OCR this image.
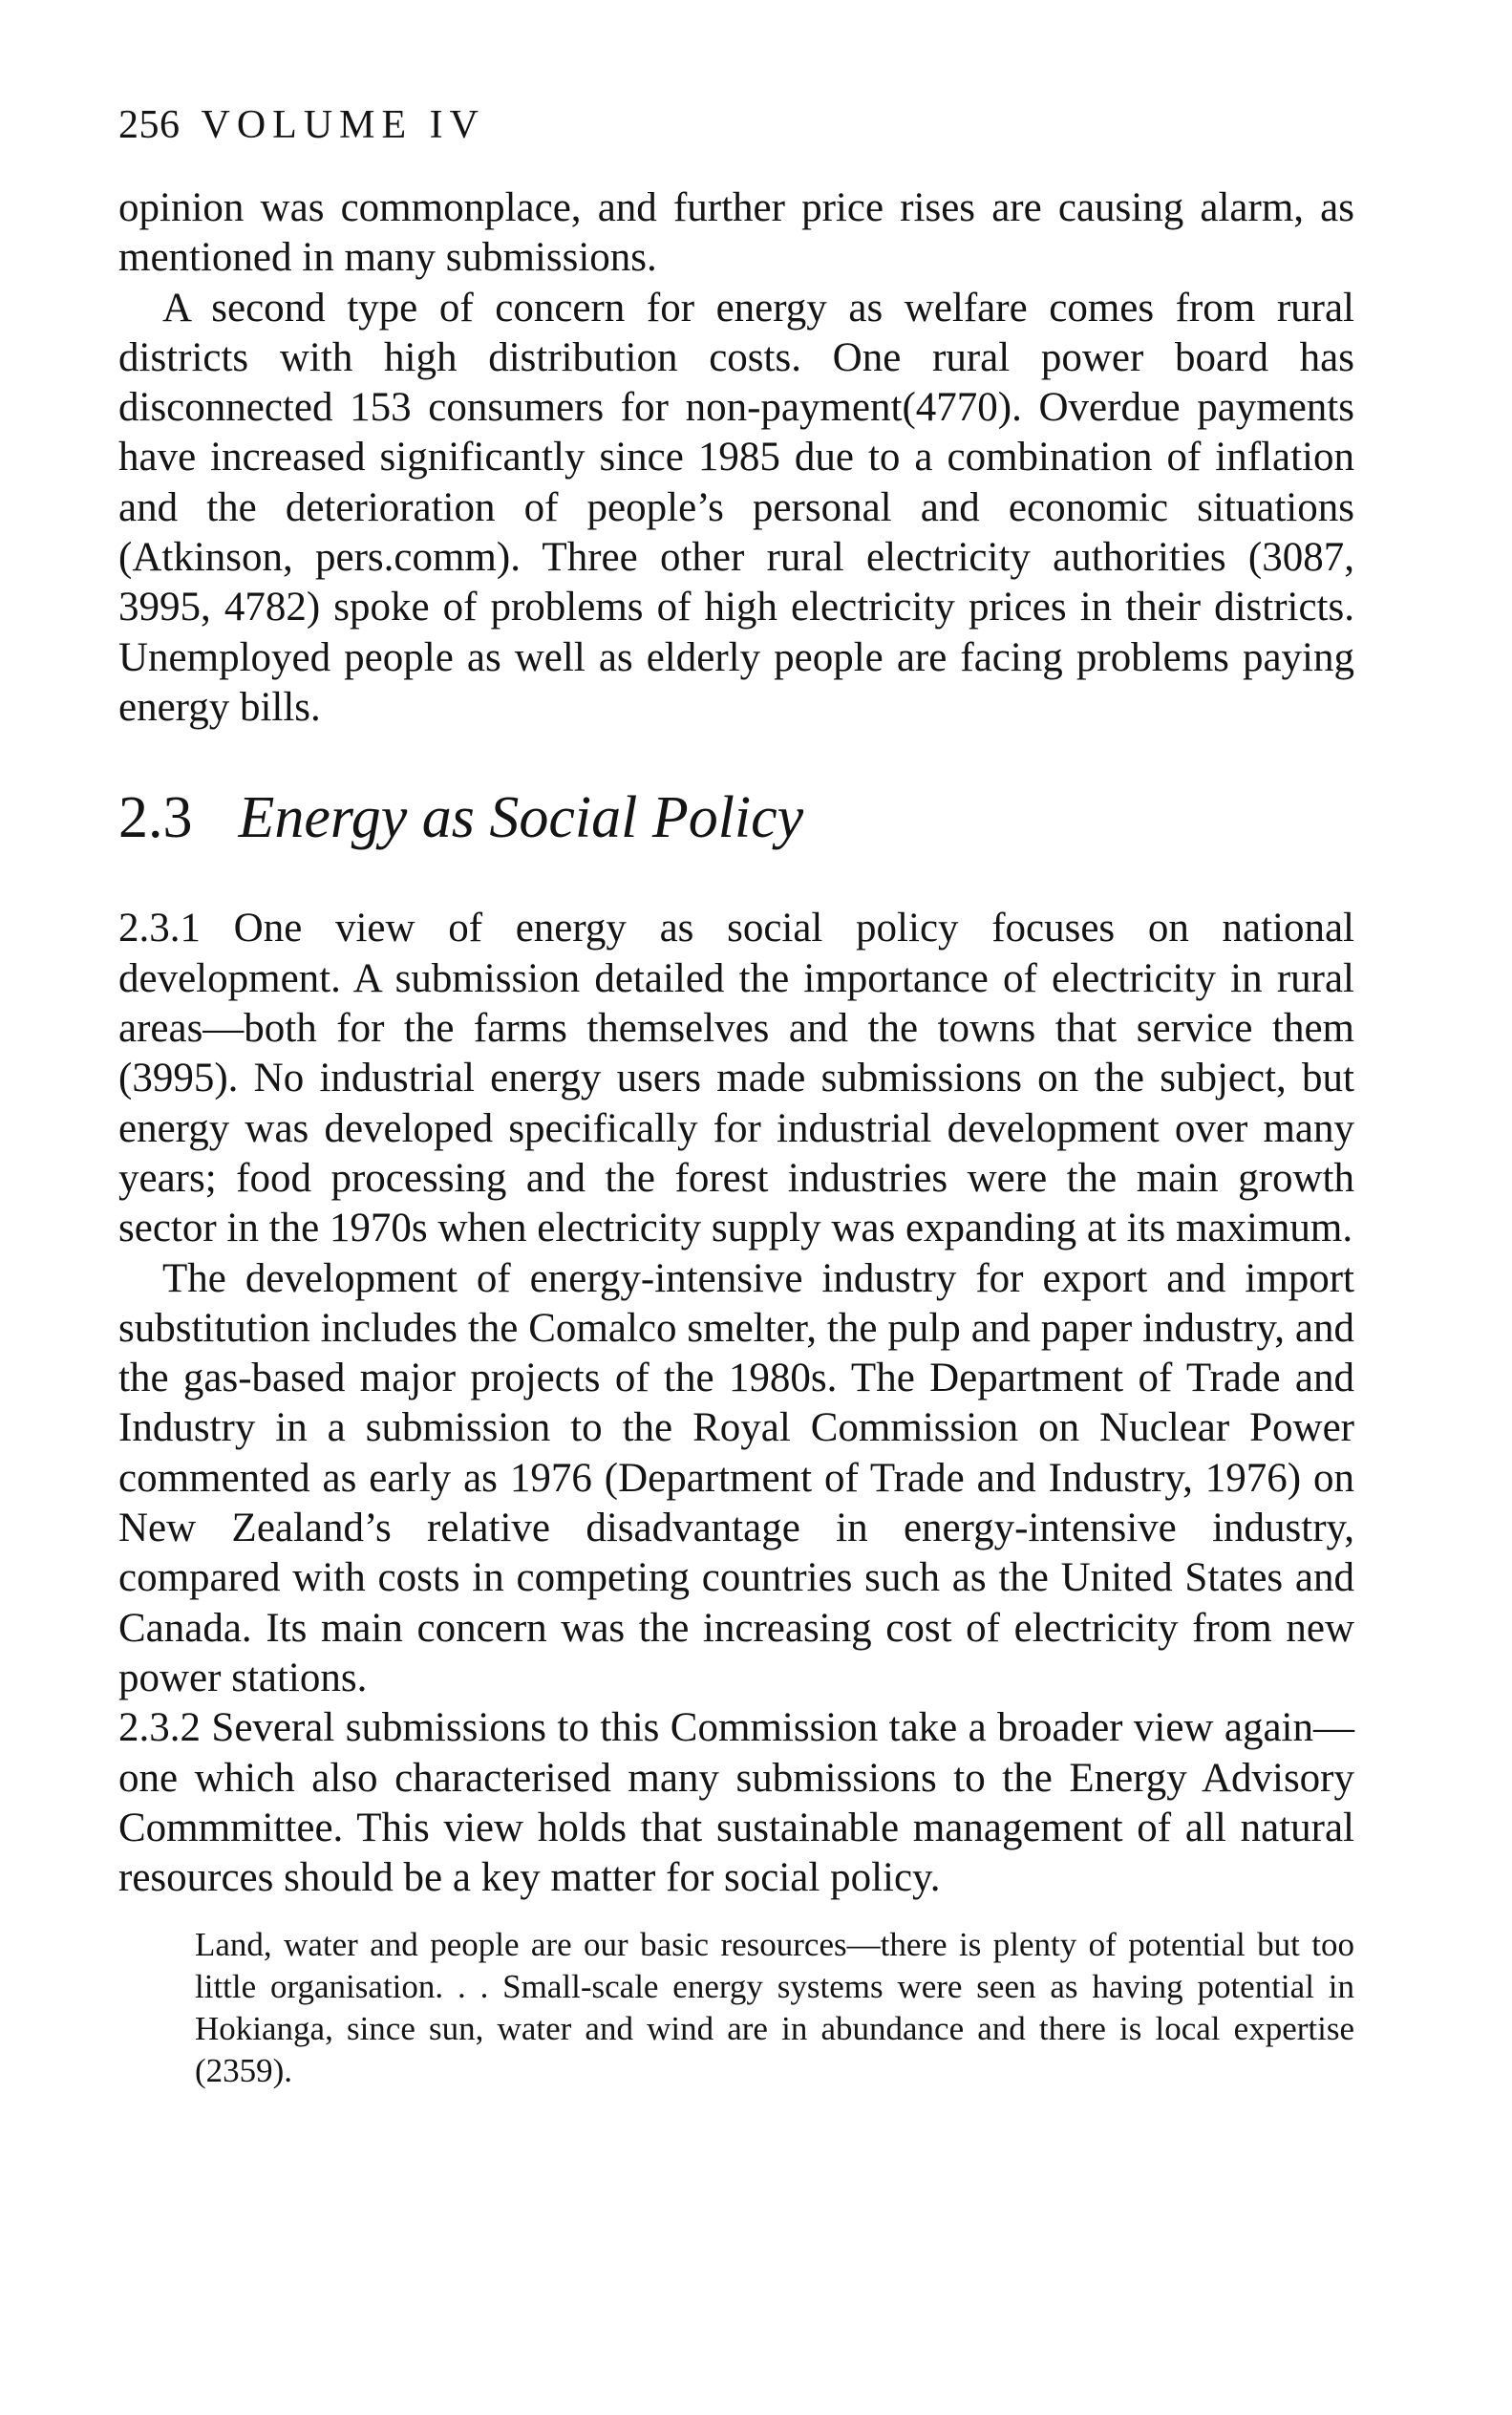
256 VOLUME IV

opinion was commonplace, and further price rises are causing alarm, as mentioned in many submissions.

A second type of concern for energy as welfare comes from rural districts with high distribution costs. One rural power board has disconnected 153 consumers for non-payment(4770). Overdue payments have increased significantly since 1985 due to a combination of inflation and the deterioration of people’s personal and economic situations (Atkinson, pers.comm). Three other rural electricity authorities (3087, 3995, 4782) spoke of problems of high electricity prices in their districts. Unemployed people as well as elderly people are facing problems paying energy bills.

2.3 Energy as Social Policy

2.3.1 One view of energy as social policy focuses on national development. A submission detailed the importance of electricity in rural areas—both for the farms themselves and the towns that service them (3995). No industrial energy users made submissions on the subject, but energy was developed specifically for industrial development over many years; food processing and the forest industries were the main growth sector in the 1970s when electricity supply was expanding at its maximum.

The development of energy-intensive industry for export and import substitution includes the Comalco smelter, the pulp and paper industry, and the gas-based major projects of the 1980s. The Department of Trade and Industry in a submission to the Royal Commission on Nuclear Power commented as early as 1976 (Department of Trade and Industry, 1976) on New Zealand’s relative disadvantage in energy-intensive industry, compared with costs in competing countries such as the United States and Canada. Its main concern was the increasing cost of electricity from new power stations.

2.3.2 Several submissions to this Commission take a broader view again—one which also characterised many submissions to the Energy Advisory Commmittee. This view holds that sustainable management of all natural resources should be a key matter for social policy.

Land, water and people are our basic resources—there is plenty of potential but too little organisation. . . Small-scale energy systems were seen as having potential in Hokianga, since sun, water and wind are in abundance and there is local expertise (2359).
